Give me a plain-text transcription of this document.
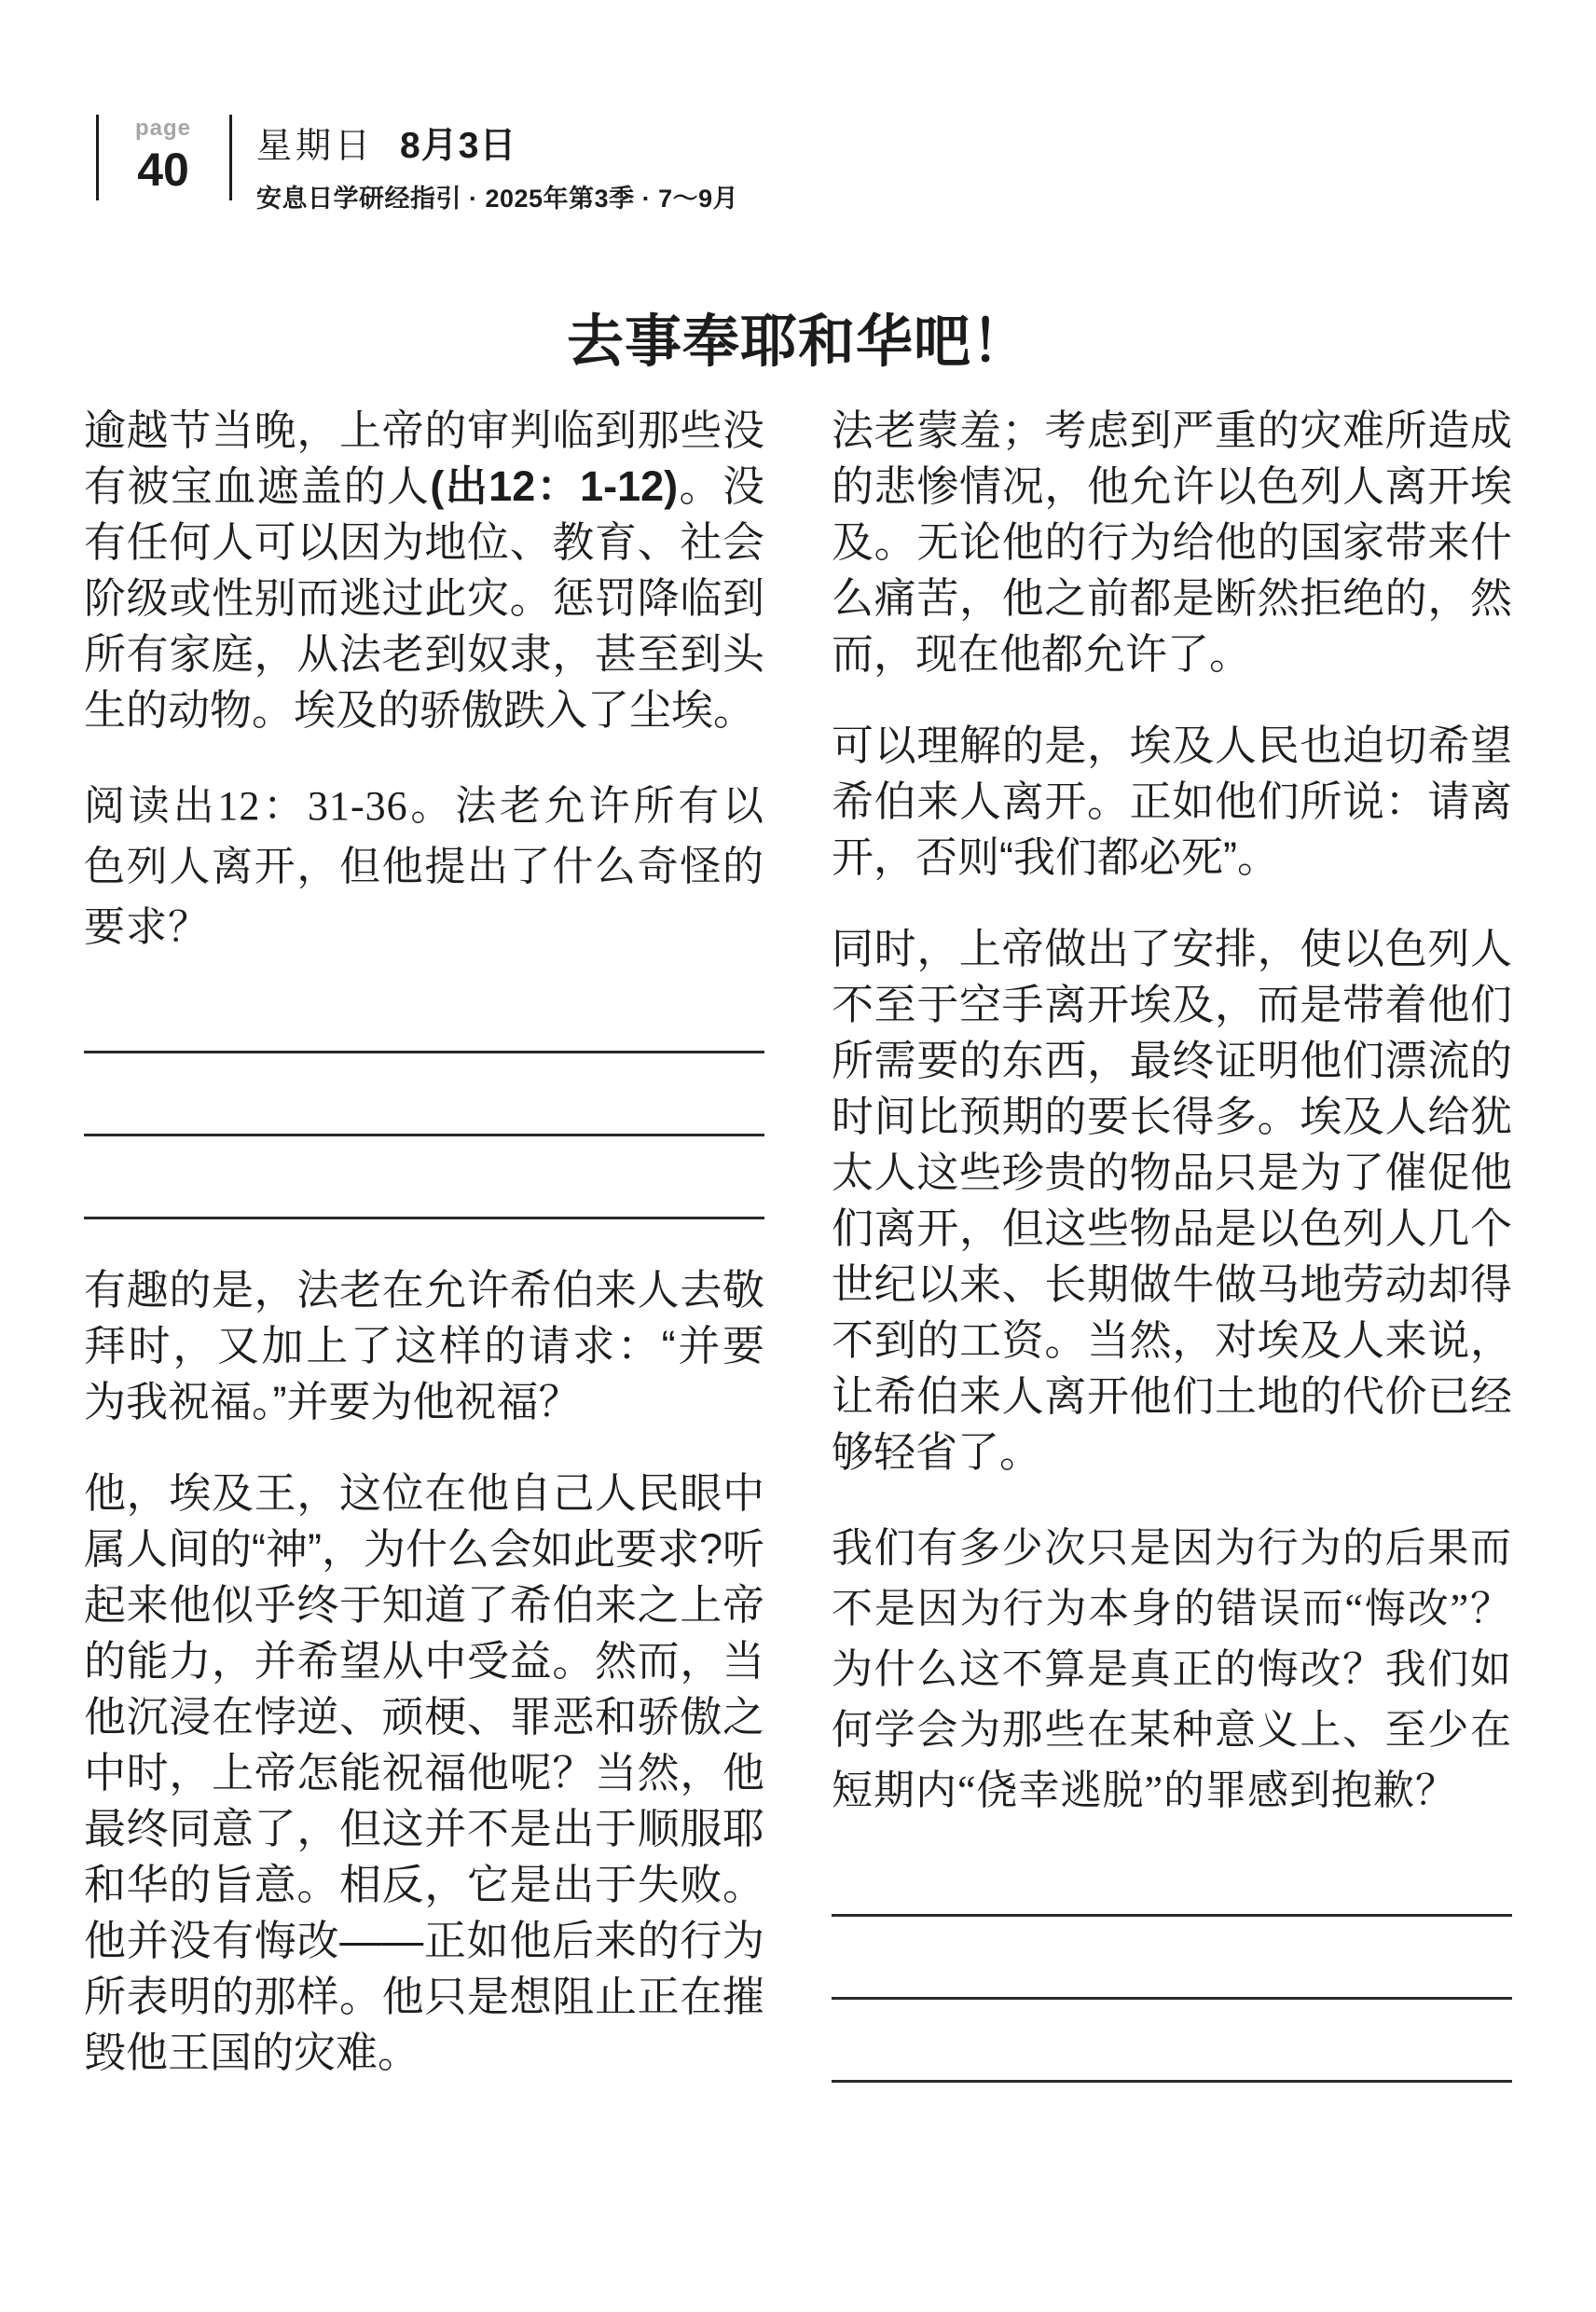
page
40	星期日 8月3日
安息日学研经指引 · 2025年第3季 · 7～9月
去事奉耶和华吧！

逾越节当晚，上帝的审判临到那些没有被宝血遮盖的人(出12：1-12)。没有任何人可以因为地位、教育、社会阶级或性别而逃过此灾。惩罚降临到所有家庭，从法老到奴隶，甚至到头生的动物。埃及的骄傲跌入了尘埃。

阅读出12：31-36。法老允许所有以色列人离开，但他提出了什么奇怪的要求？

有趣的是，法老在允许希伯来人去敬拜时，又加上了这样的请求：“并要为我祝福。”并要为他祝福？

他，埃及王，这位在他自己人民眼中属人间的“神”，为什么会如此要求?听起来他似乎终于知道了希伯来之上帝的能力，并希望从中受益。然而，当他沉浸在悖逆、顽梗、罪恶和骄傲之中时，上帝怎能祝福他呢？当然，他最终同意了，但这并不是出于顺服耶和华的旨意。相反，它是出于失败。他并没有悔改——正如他后来的行为所表明的那样。他只是想阻止正在摧毁他王国的灾难。

法老蒙羞；考虑到严重的灾难所造成的悲惨情况，他允许以色列人离开埃及。无论他的行为给他的国家带来什么痛苦，他之前都是断然拒绝的，然而，现在他都允许了。

可以理解的是，埃及人民也迫切希望希伯来人离开。正如他们所说：请离开，否则“我们都必死”。

同时，上帝做出了安排，使以色列人不至于空手离开埃及，而是带着他们所需要的东西，最终证明他们漂流的时间比预期的要长得多。埃及人给犹太人这些珍贵的物品只是为了催促他们离开，但这些物品是以色列人几个世纪以来、长期做牛做马地劳动却得不到的工资。当然，对埃及人来说，让希伯来人离开他们土地的代价已经够轻省了。

我们有多少次只是因为行为的后果而不是因为行为本身的错误而“悔改”？为什么这不算是真正的悔改？我们如何学会为那些在某种意义上、至少在短期内“侥幸逃脱”的罪感到抱歉？
